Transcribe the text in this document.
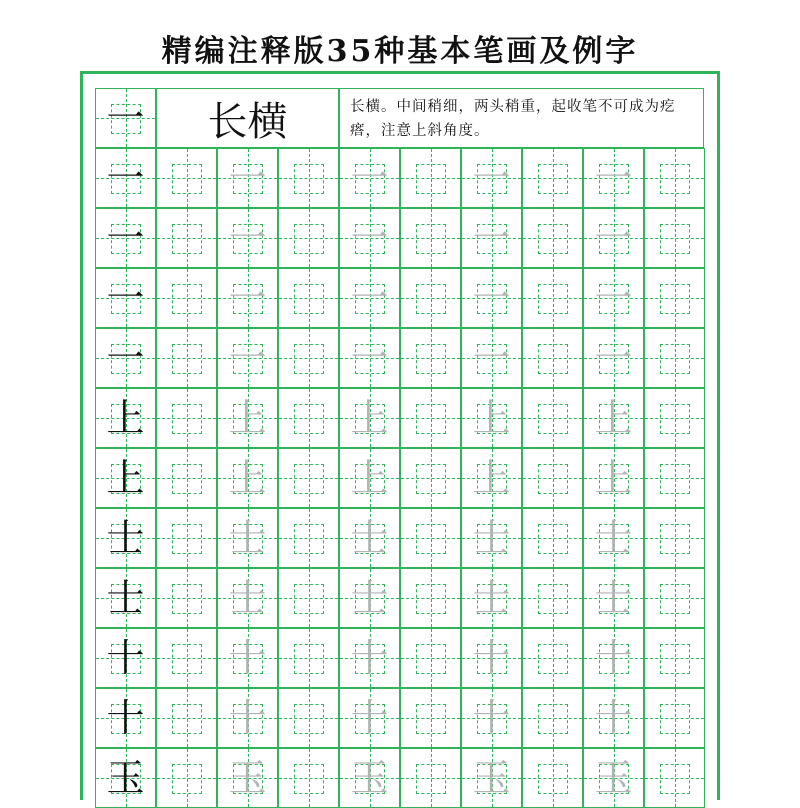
精编注释版35种基本笔画及例字
一	长横	长横。中间稍细，两头稍重，起收笔不可成为疙瘩，注意上斜角度。
一 一 一 一 一
一 一 一 一 一
一 一 一 一 一
一 一 一 一 一
上 上 上 上 上
上 上 上 上 上
士 士 士 士 士
士 士 士 士 士
十 十 十 十 十
十 十 十 十 十
玉 玉 玉 玉 玉
